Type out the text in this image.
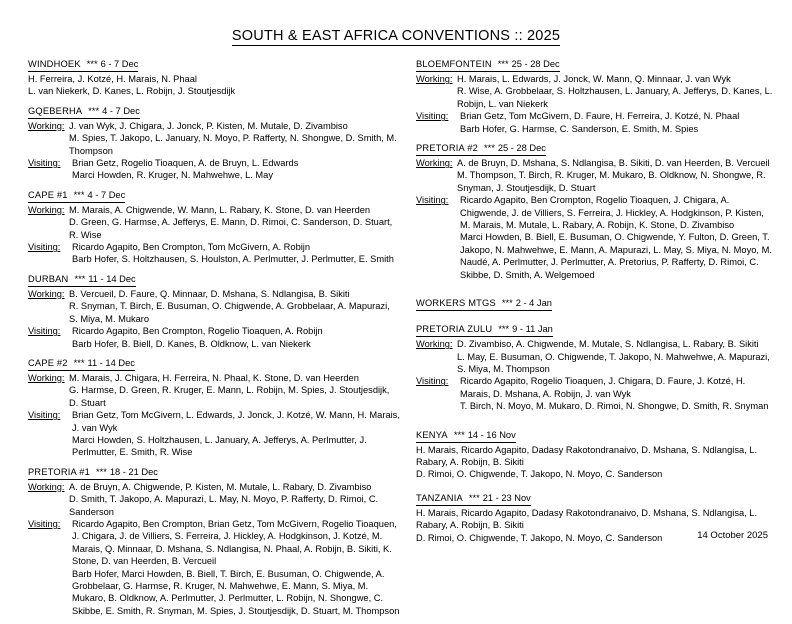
SOUTH & EAST AFRICA CONVENTIONS :: 2025
WINDHOEK *** 6 - 7 Dec
H. Ferreira, J. Kotzé, H. Marais, N. Phaal
L. van Niekerk, D. Kanes, L. Robijn, J. Stoutjesdijk
GQEBERHA *** 4 - 7 Dec
Working: J. van Wyk, J. Chigara, J. Jonck, P. Kisten, M. Mutale, D. Zivambiso
M. Spies, T. Jakopo, L. January, N. Moyo, P. Rafferty, N. Shongwe, D. Smith, M. Thompson
Visiting:	Brian Getz, Rogelio Tioaquen, A. de Bruyn, L. Edwards
Marci Howden, R. Kruger, N. Mahwehwe, L. May
CAPE #1 *** 4 - 7 Dec
Working: M. Marais, A. Chigwende, W. Mann, L. Rabary, K. Stone, D. van Heerden
D. Green, G. Harmse, A. Jefferys, E. Mann, D. Rimoi, C. Sanderson, D. Stuart, R. Wise
Visiting:	Ricardo Agapito, Ben Crompton, Tom McGivern, A. Robijn
Barb Hofer, S. Holtzhausen, S. Houlston, A. Perlmutter, J. Perlmutter, E. Smith
DURBAN *** 11 - 14 Dec
Working: B. Vercueil, D. Faure, Q. Minnaar, D. Mshana, S. Ndlangisa, B. Sikiti
R. Snyman, T. Birch, E. Busuman, O. Chigwende, A. Grobbelaar, A. Mapurazi, S. Miya, M. Mukaro
Visiting:	Ricardo Agapito, Ben Crompton, Rogelio Tioaquen, A. Robijn
Barb Hofer, B. Biell, D. Kanes, B. Oldknow, L. van Niekerk
CAPE #2 *** 11 - 14 Dec
Working: M. Marais, J. Chigara, H. Ferreira, N. Phaal, K. Stone, D. van Heerden
G. Harmse, D. Green, R. Kruger, E. Mann, L. Robijn, M. Spies, J. Stoutjesdijk, D. Stuart
Visiting:	Brian Getz, Tom McGivern, L. Edwards, J. Jonck, J. Kotzé, W. Mann, H. Marais, J. van Wyk
Marci Howden, S. Holtzhausen, L. January, A. Jefferys, A. Perlmutter, J. Perlmutter, E. Smith, R. Wise
PRETORIA #1 *** 18 - 21 Dec
Working: A. de Bruyn, A. Chigwende, P. Kisten, M. Mutale, L. Rabary, D. Zivambiso
D. Smith, T. Jakopo, A. Mapurazi, L. May, N. Moyo, P. Rafferty, D. Rimoi, C. Sanderson
Visiting:	Ricardo Agapito, Ben Crompton, Brian Getz, Tom McGivern, Rogelio Tioaquen, J. Chigara, J. de Villiers, S. Ferreira, J. Hickley, A. Hodgkinson, J. Kotzé, M. Marais, Q. Minnaar, D. Mshana, S. Ndlangisa, N. Phaal, A. Robijn, B. Sikiti, K. Stone, D. van Heerden, B. Vercueil
Barb Hofer, Marci Howden, B. Biell, T. Birch, E. Busuman, O. Chigwende, A. Grobbelaar, G. Harmse, R. Kruger, N. Mahwehwe, E. Mann, S. Miya, M. Mukaro, B. Oldknow, A. Perlmutter, J. Perlmutter, L. Robijn, N. Shongwe, C. Skibbe, E. Smith, R. Snyman, M. Spies, J. Stoutjesdijk, D. Stuart, M. Thompson
BLOEMFONTEIN *** 25 - 28 Dec
Working: H. Marais, L. Edwards, J. Jonck, W. Mann, Q. Minnaar, J. van Wyk
R. Wise, A. Grobbelaar, S. Holtzhausen, L. January, A. Jefferys, D. Kanes, L. Robijn, L. van Niekerk
Visiting:	Brian Getz, Tom McGivern, D. Faure, H. Ferreira, J. Kotzé, N. Phaal
Barb Hofer, G. Harmse, C. Sanderson, E. Smith, M. Spies
PRETORIA #2 *** 25 - 28 Dec
Working: A. de Bruyn, D. Mshana, S. Ndlangisa, B. Sikiti, D. van Heerden, B. Vercueil
M. Thompson, T. Birch, R. Kruger, M. Mukaro, B. Oldknow, N. Shongwe, R. Snyman, J. Stoutjesdijk, D. Stuart
Visiting:	Ricardo Agapito, Ben Crompton, Rogelio Tioaquen, J. Chigara, A. Chigwende, J. de Villiers, S. Ferreira, J. Hickley, A. Hodgkinson, P. Kisten, M. Marais, M. Mutale, L. Rabary, A. Robijn, K. Stone, D. Zivambiso
Marci Howden, B. Biell, E. Busuman, O. Chigwende, Y. Fulton, D. Green, T. Jakopo, N. Mahwehwe, E. Mann, A. Mapurazi, L. May, S. Miya, N. Moyo, M. Naudé, A. Perlmutter, J. Perlmutter, A. Pretorius, P. Rafferty, D. Rimoi, C. Skibbe, D. Smith, A. Welgemoed
WORKERS MTGS *** 2 - 4 Jan
PRETORIA ZULU *** 9 - 11 Jan
Working: D. Zivambiso, A. Chigwende, M. Mutale, S. Ndlangisa, L. Rabary, B. Sikiti
L. May, E. Busuman, O. Chigwende, T. Jakopo, N. Mahwehwe, A. Mapurazi, S. Miya, M. Thompson
Visiting:	Ricardo Agapito, Rogelio Tioaquen, J. Chigara, D. Faure, J. Kotzé, H. Marais, D. Mshana, A. Robijn, J. van Wyk
T. Birch, N. Moyo, M. Mukaro, D. Rimoi, N. Shongwe, D. Smith, R. Snyman
KENYA *** 14 - 16 Nov
H. Marais, Ricardo Agapito, Dadasy Rakotondranaivo, D. Mshana, S. Ndlangisa, L. Rabary, A. Robijn, B. Sikiti
D. Rimoi, O. Chigwende, T. Jakopo, N. Moyo, C. Sanderson
TANZANIA *** 21 - 23 Nov
H. Marais, Ricardo Agapito, Dadasy Rakotondranaivo, D. Mshana, S. Ndlangisa, L. Rabary, A. Robijn, B. Sikiti
D. Rimoi, O. Chigwende, T. Jakopo, N. Moyo, C. Sanderson	14 October 2025
